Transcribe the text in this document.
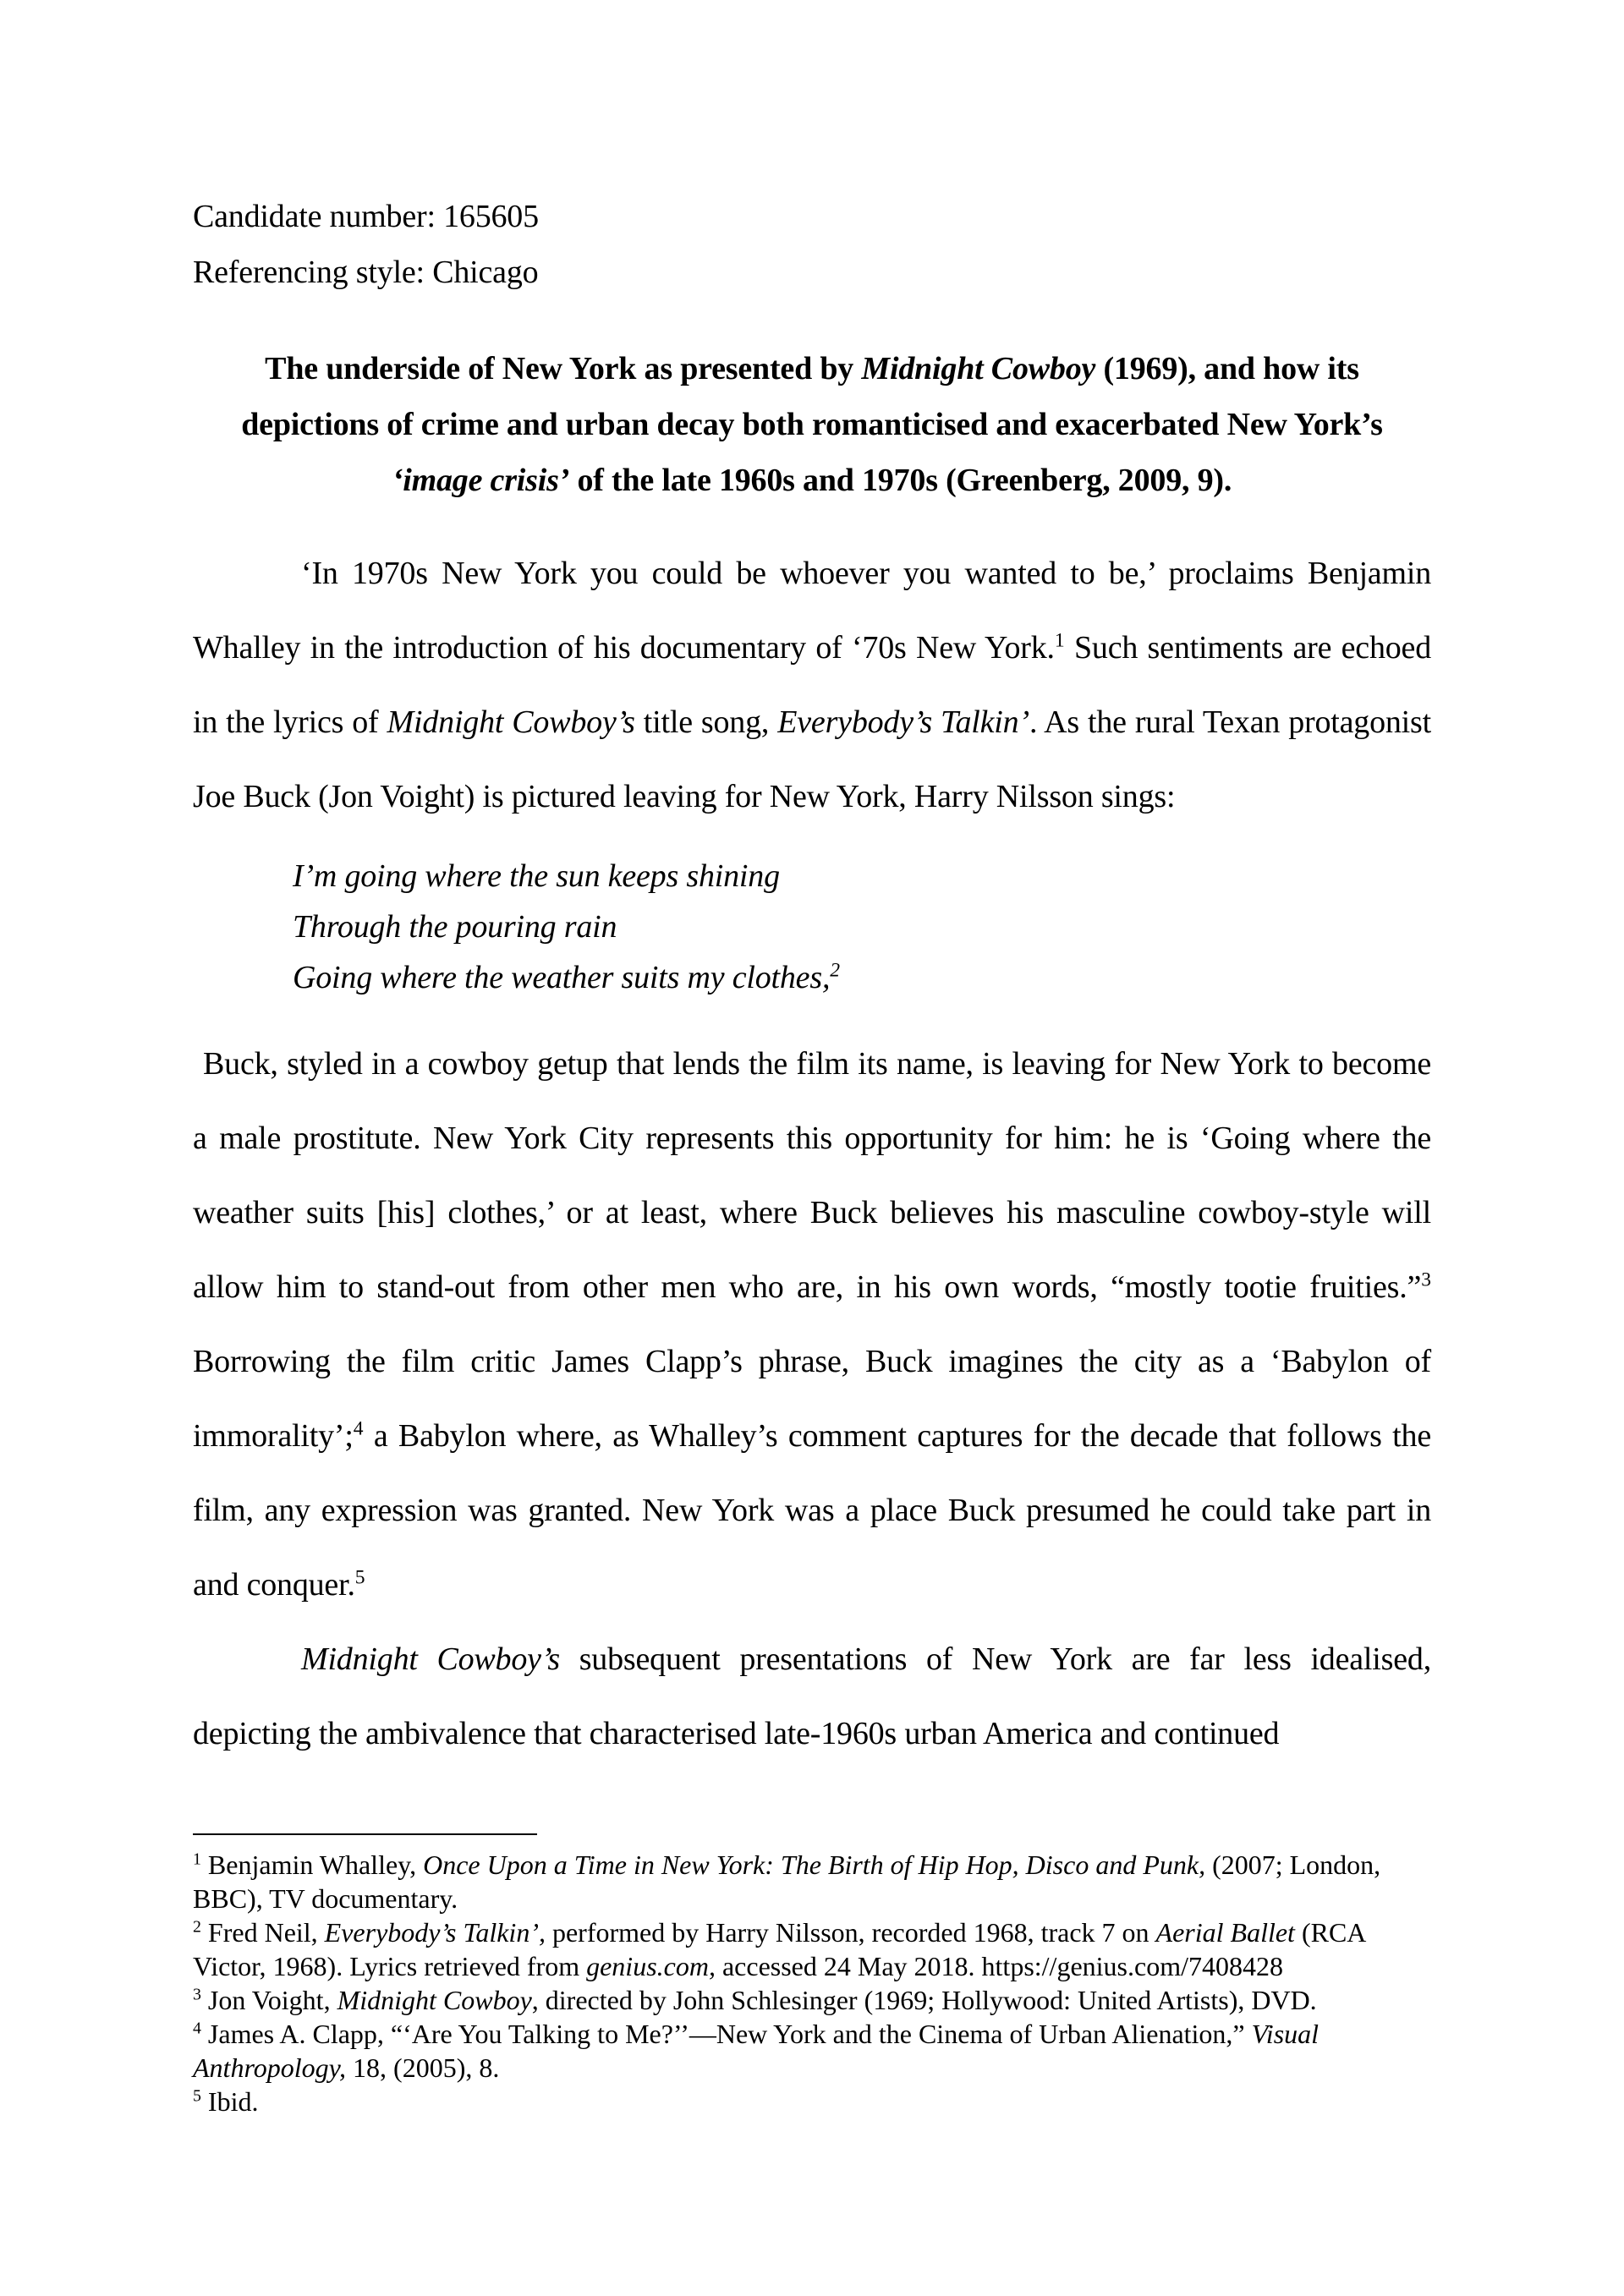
Candidate number: 165605
Referencing style: Chicago
The underside of New York as presented by Midnight Cowboy (1969), and how its
depictions of crime and urban decay both romanticised and exacerbated New York’s
‘image crisis’ of the late 1960s and 1970s (Greenberg, 2009, 9).
‘In 1970s New York you could be whoever you wanted to be,’ proclaims Benjamin Whalley in the introduction of his documentary of ‘70s New York.$^1$ Such sentiments are echoed in the lyrics of Midnight Cowboy’s title song, Everybody’s Talkin’. As the rural Texan protagonist Joe Buck (Jon Voight) is pictured leaving for New York, Harry Nilsson sings:
I’m going where the sun keeps shining
Through the pouring rain
Going where the weather suits my clothes,$^2$
Buck, styled in a cowboy getup that lends the film its name, is leaving for New York to become a male prostitute. New York City represents this opportunity for him: he is ‘Going where the weather suits [his] clothes,’ or at least, where Buck believes his masculine cowboy-style will allow him to stand-out from other men who are, in his own words, “mostly tootie fruities.”$^3$ Borrowing the film critic James Clapp’s phrase, Buck imagines the city as a ‘Babylon of immorality’;$^4$ a Babylon where, as Whalley’s comment captures for the decade that follows the film, any expression was granted. New York was a place Buck presumed he could take part in and conquer.$^5$
Midnight Cowboy’s subsequent presentations of New York are far less idealised, depicting the ambivalence that characterised late-1960s urban America and continued
$^1$ Benjamin Whalley, Once Upon a Time in New York: The Birth of Hip Hop, Disco and Punk, (2007; London, BBC), TV documentary.
$^2$ Fred Neil, Everybody’s Talkin’, performed by Harry Nilsson, recorded 1968, track 7 on Aerial Ballet (RCA Victor, 1968). Lyrics retrieved from genius.com, accessed 24 May 2018. https://genius.com/7408428
$^3$ Jon Voight, Midnight Cowboy, directed by John Schlesinger (1969; Hollywood: United Artists), DVD.
$^4$ James A. Clapp, “‘Are You Talking to Me?’’—New York and the Cinema of Urban Alienation,” Visual Anthropology, 18, (2005), 8.
$^5$ Ibid.
